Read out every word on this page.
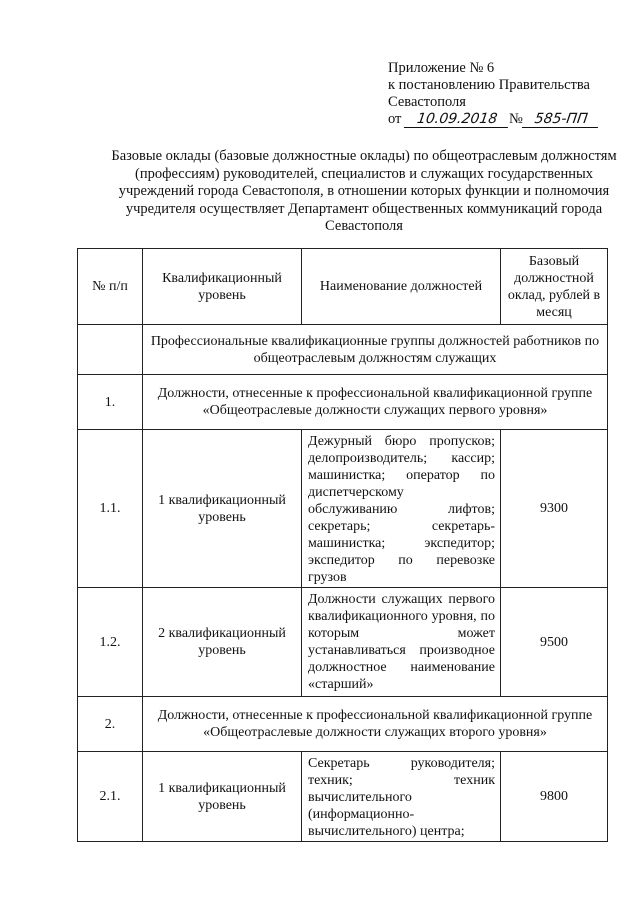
Приложение № 6
к постановлению Правительства
Севастополя
от 10.09.2018 № 585-ПП
Базовые оклады (базовые должностные оклады) по общеотраслевым должностям (профессиям) руководителей, специалистов и служащих государственных учреждений города Севастополя, в отношении которых функции и полномочия учредителя осуществляет Департамент общественных коммуникаций города Севастополя
№ п/п	Квалификационный уровень	Наименование должностей	Базовый должностной оклад, рублей в месяц
	Профессиональные квалификационные группы должностей работников по общеотраслевым должностям служащих		
1.	Должности, отнесенные к профессиональной квалификационной группе «Общеотраслевые должности служащих первого уровня»		
1.1.	1 квалификационный уровень	Дежурный бюро пропусков; делопроизводитель; кассир; машинистка; оператор по диспетчерскому обслуживанию лифтов; секретарь; секретарь-машинистка; экспедитор; экспедитор по перевозке грузов	9300
1.2.	2 квалификационный уровень	Должности служащих первого квалификационного уровня, по которым может устанавливаться производное должностное наименование «старший»	9500
2.	Должности, отнесенные к профессиональной квалификационной группе «Общеотраслевые должности служащих второго уровня»		
2.1.	1 квалификационный уровень	Секретарь руководителя; техник; техник вычислительного (информационно-вычислительного) центра;	9800
